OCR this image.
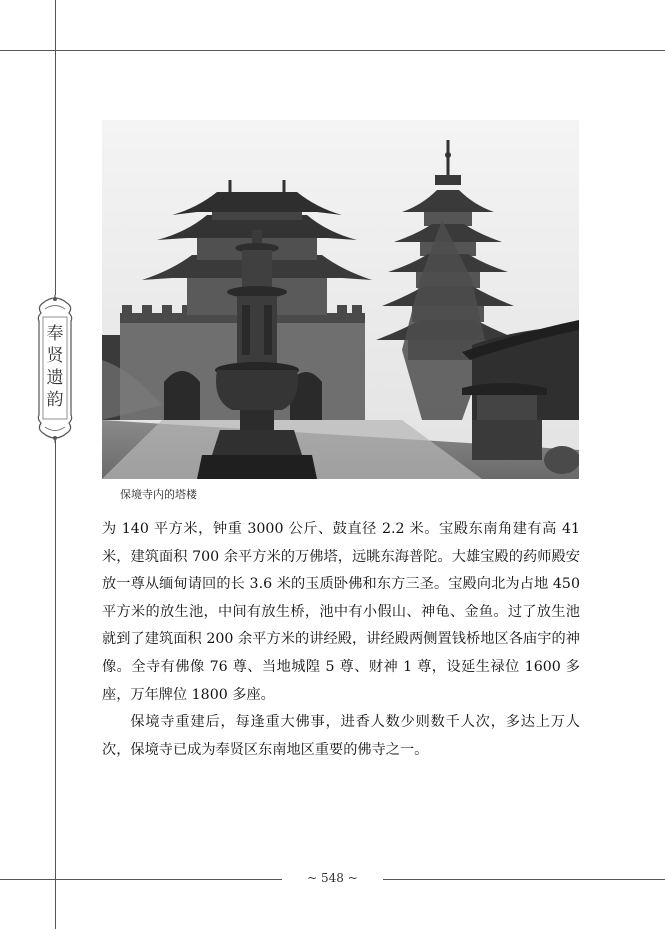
奉
贤
遗
韵
保境寺内的塔楼

为 140 平方米，钟重 3000 公斤、鼓直径 2.2 米。宝殿东南角建有高 41 米，建筑面积 700 余平方米的万佛塔，远眺东海普陀。大雄宝殿的药师殿安放一尊从缅甸请回的长 3.6 米的玉质卧佛和东方三圣。宝殿向北为占地 450 平方米的放生池，中间有放生桥，池中有小假山、神龟、金鱼。过了放生池就到了建筑面积 200 余平方米的讲经殿，讲经殿两侧置钱桥地区各庙宇的神像。全寺有佛像 76 尊、当地城隍 5 尊、财神 1 尊，设延生禄位 1600 多座，万年牌位 1800 多座。

保境寺重建后，每逢重大佛事，进香人数少则数千人次，多达上万人次，保境寺已成为奉贤区东南地区重要的佛寺之一。

~ 548 ~
